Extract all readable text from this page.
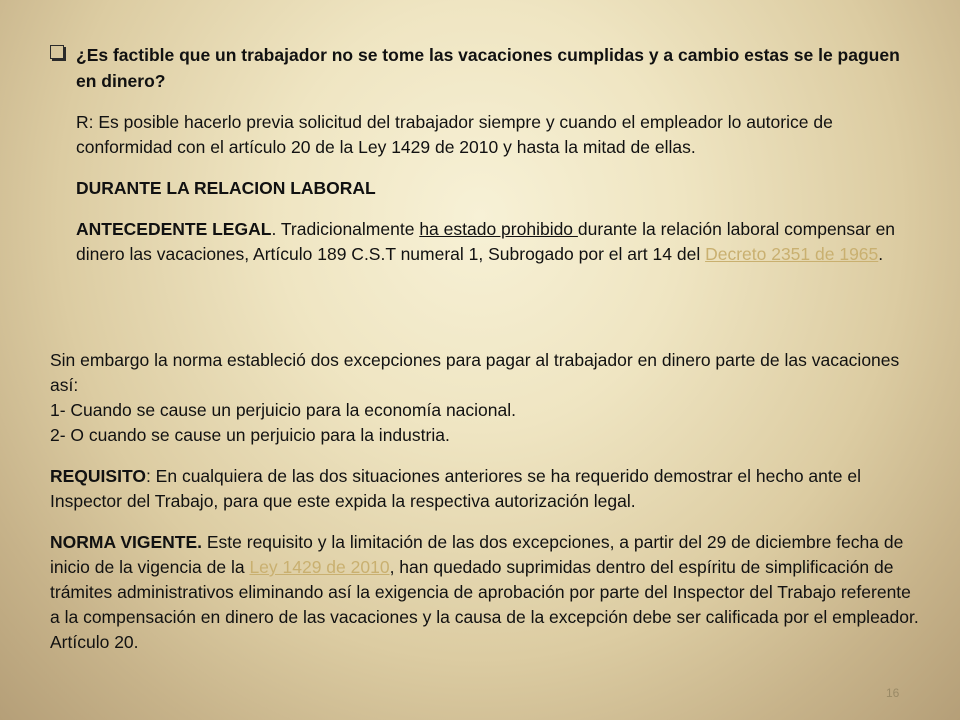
¿Es factible que un trabajador no se tome las vacaciones cumplidas y a cambio estas se le paguen en dinero?

R: Es posible hacerlo previa solicitud del trabajador siempre y cuando el empleador lo autorice de conformidad con el artículo 20 de la Ley 1429 de 2010 y hasta la mitad de ellas.

DURANTE LA RELACION LABORAL

ANTECEDENTE LEGAL. Tradicionalmente ha estado prohibido durante la relación laboral compensar en dinero las vacaciones, Artículo 189 C.S.T numeral 1, Subrogado por el art 14 del Decreto 2351 de 1965.

Sin embargo la norma estableció dos excepciones para pagar al trabajador en dinero parte de las vacaciones así:

1- Cuando se cause un perjuicio para la economía nacional.

2- O cuando se cause un perjuicio para la industria.

REQUISITO: En cualquiera de las dos situaciones anteriores se ha requerido demostrar el hecho ante el Inspector del Trabajo, para que este expida la respectiva autorización legal.

NORMA VIGENTE. Este requisito y la limitación de las dos excepciones, a partir del 29 de diciembre fecha de inicio de la vigencia de la Ley 1429 de 2010, han quedado suprimidas dentro del espíritu de simplificación de trámites administrativos eliminando así la exigencia de aprobación por parte del Inspector del Trabajo referente a la compensación en dinero de las vacaciones y la causa de la excepción debe ser calificada por el empleador. Artículo 20.

16
